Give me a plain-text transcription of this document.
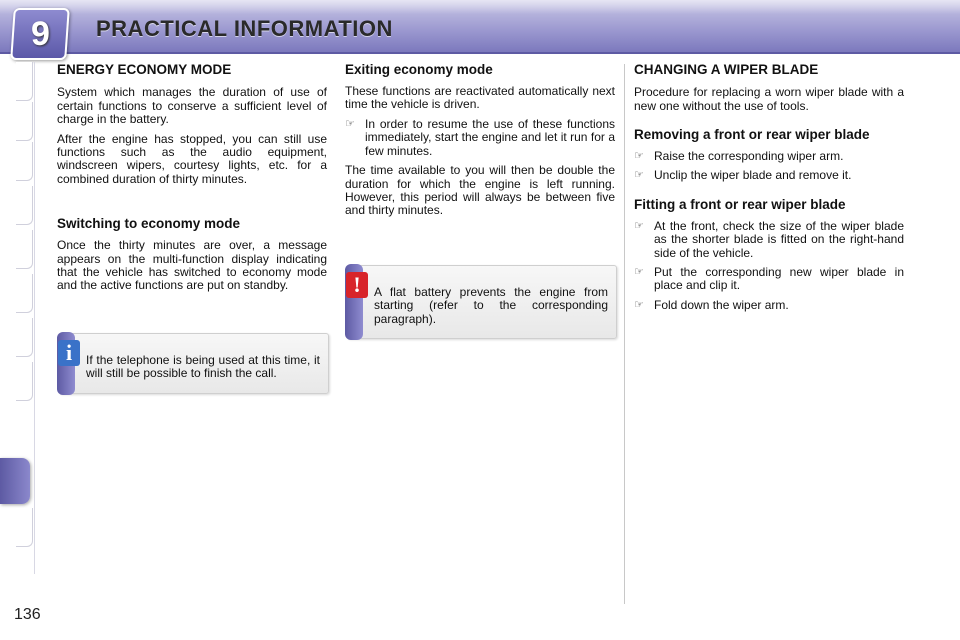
9 PRACTICAL INFORMATION
136
ENERGY ECONOMY MODE

System which manages the duration of use of certain functions to conserve a sufficient level of charge in the battery.

After the engine has stopped, you can still use functions such as the audio equipment, windscreen wipers, courtesy lights, etc. for a combined duration of thirty minutes.

Switching to economy mode

Once the thirty minutes are over, a message appears on the multi-function display indicating that the vehicle has switched to economy mode and the active functions are put on standby.

i	If the telephone is being used at this time, it will still be possible to finish the call.

Exiting economy mode

These functions are reactivated automatically next time the vehicle is driven.

☞ In order to resume the use of these functions immediately, start the engine and let it run for a few minutes.

The time available to you will then be double the duration for which the engine is left running. However, this period will always be between five and thirty minutes.

!	A flat battery prevents the engine from starting (refer to the corresponding paragraph).

CHANGING A WIPER BLADE

Procedure for replacing a worn wiper blade with a new one without the use of tools.

Removing a front or rear wiper blade
☞ Raise the corresponding wiper arm.
☞ Unclip the wiper blade and remove it.
Fitting a front or rear wiper blade
☞ At the front, check the size of the wiper blade as the shorter blade is fitted on the right-hand side of the vehicle.
☞ Put the corresponding new wiper blade in place and clip it.
☞ Fold down the wiper arm.
